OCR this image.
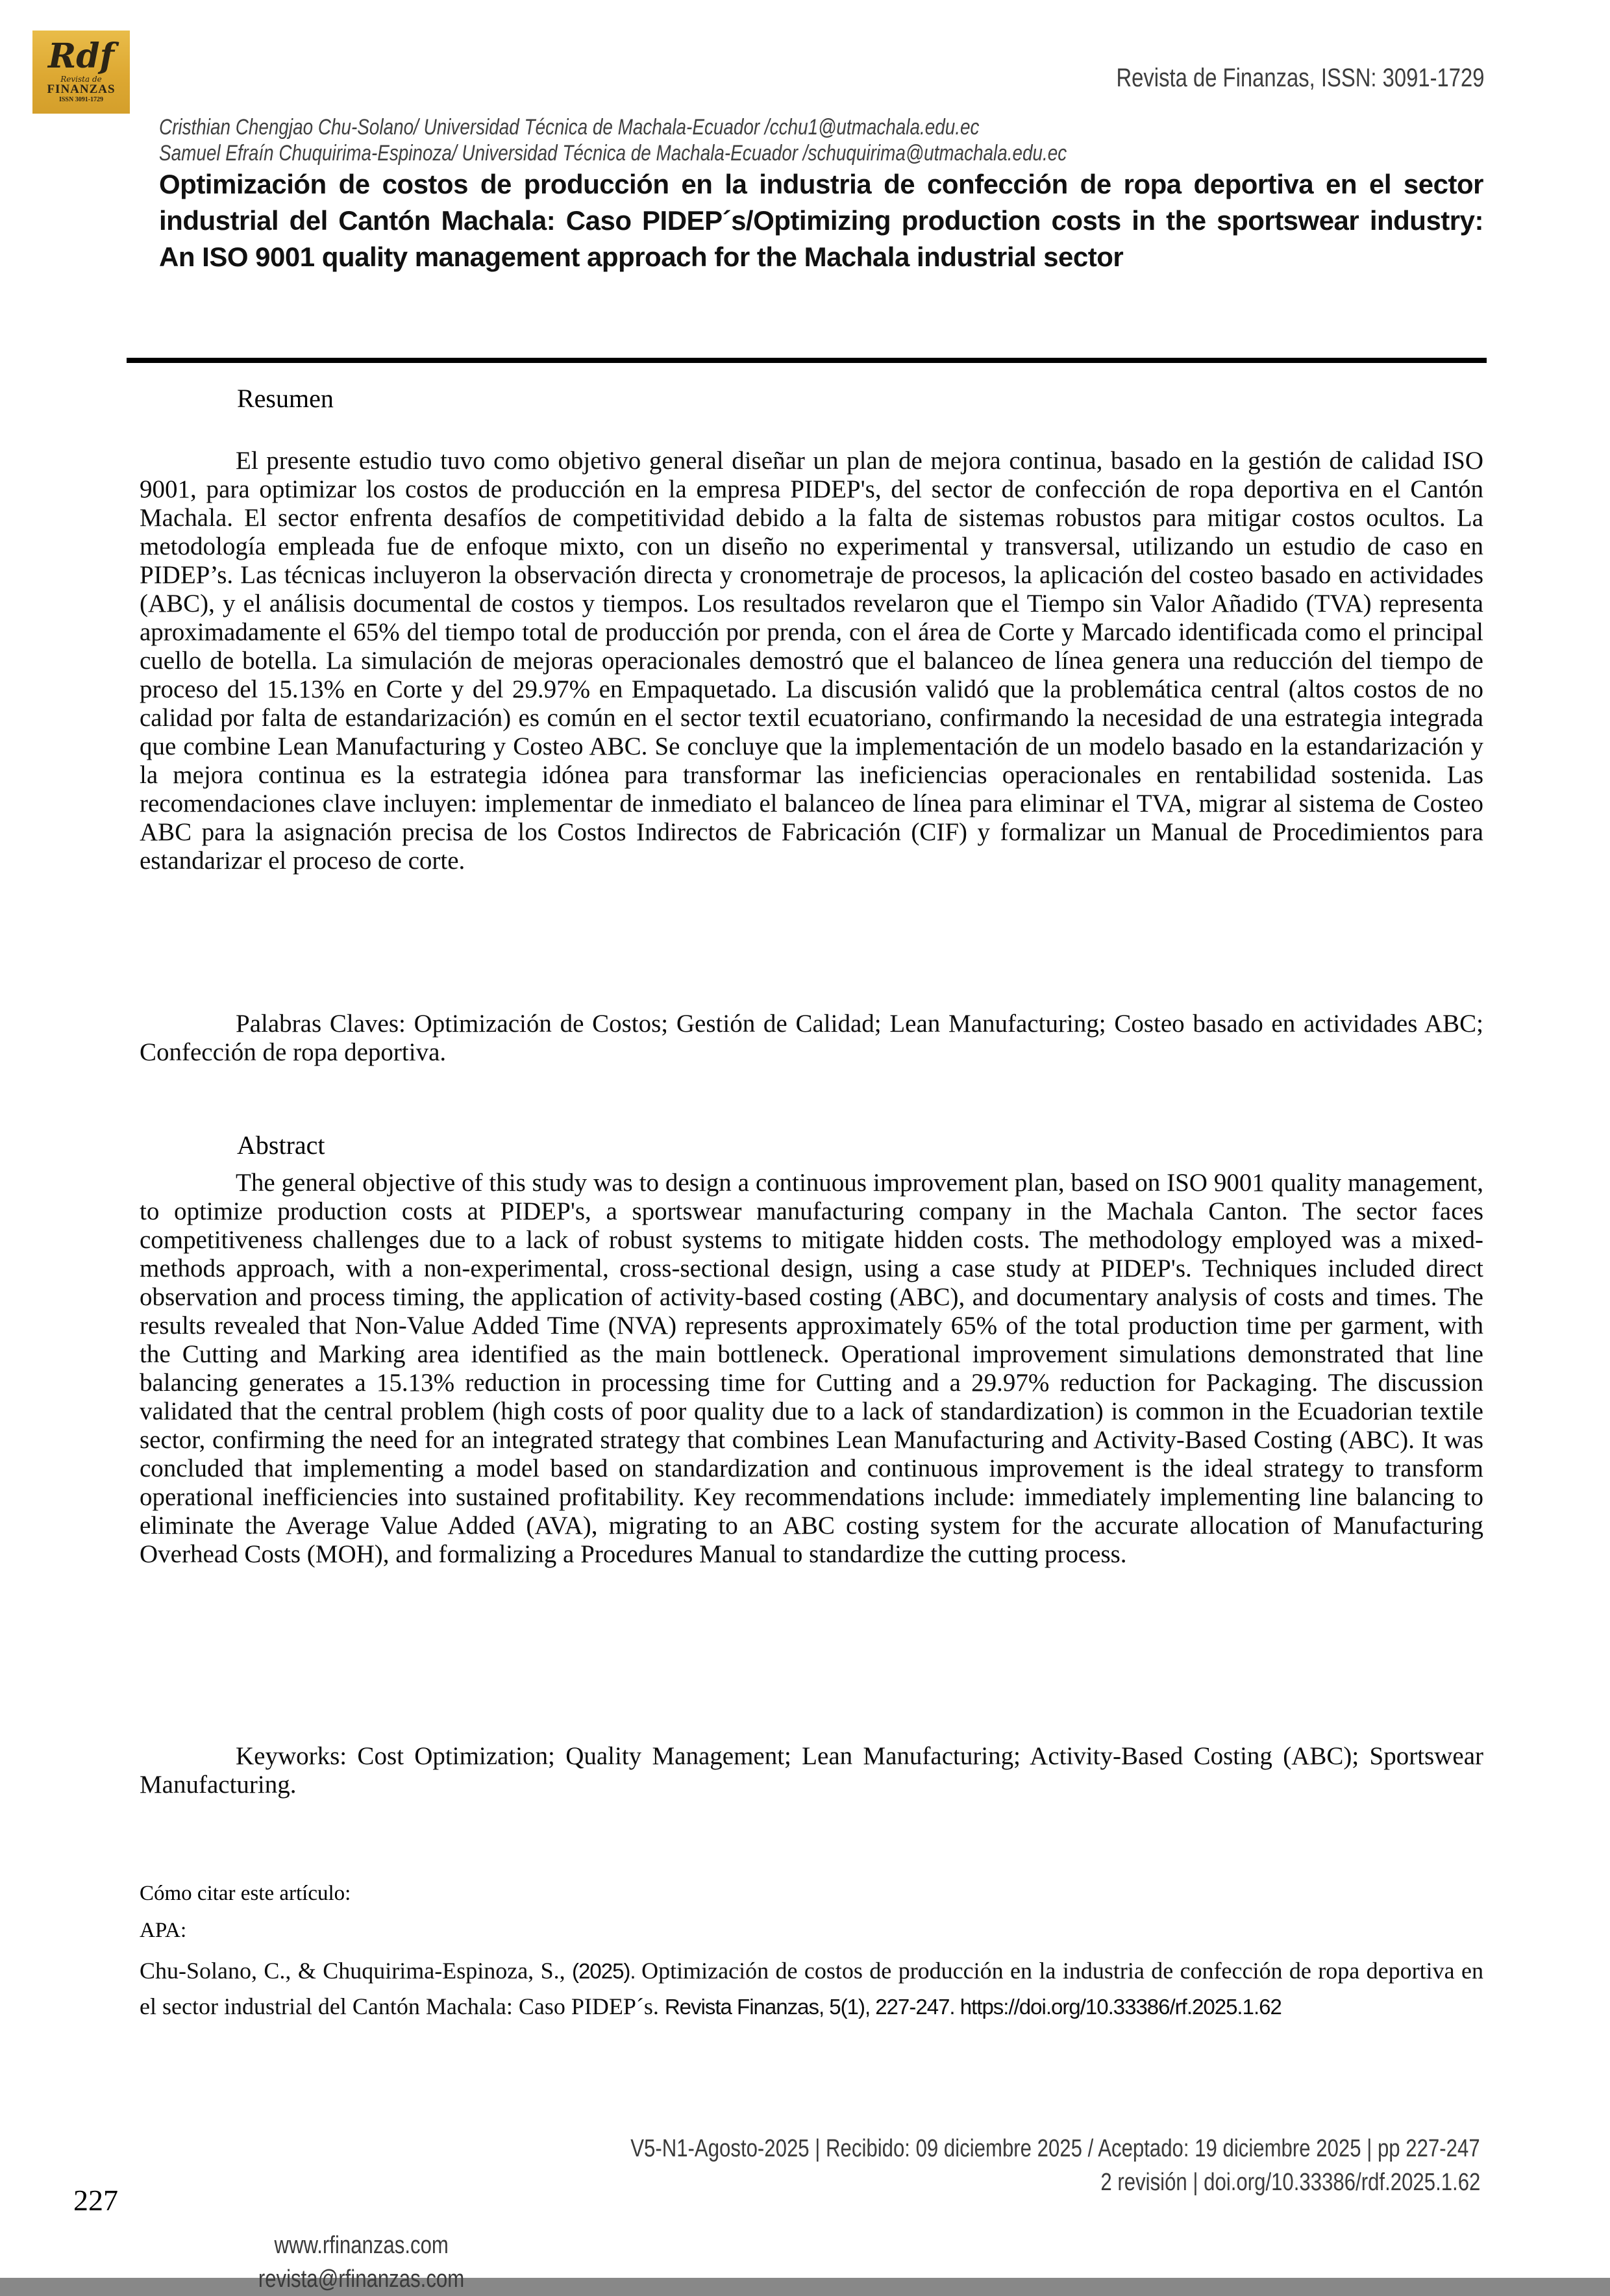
Rdf
Revista de
FINANZAS
ISSN 3091-1729
Revista de Finanzas, ISSN: 3091-1729
Cristhian Chengjao Chu-Solano/ Universidad Técnica de Machala-Ecuador /cchu1@utmachala.edu.ec
Samuel Efraín Chuquirima-Espinoza/ Universidad Técnica de Machala-Ecuador /schuquirima@utmachala.edu.ec
Optimización de costos de producción en la industria de confección de ropa deportiva en el sector industrial del Cantón Machala: Caso PIDEP´s/Optimizing production costs in the sportswear industry: An ISO 9001 quality management approach for the Machala industrial sector
Resumen
El presente estudio tuvo como objetivo general diseñar un plan de mejora continua, basado en la gestión de calidad ISO 9001, para optimizar los costos de producción en la empresa PIDEP's, del sector de confección de ropa deportiva en el Cantón Machala. El sector enfrenta desafíos de competitividad debido a la falta de sistemas robustos para mitigar costos ocultos. La metodología empleada fue de enfoque mixto, con un diseño no experimental y transversal, utilizando un estudio de caso en PIDEP’s. Las técnicas incluyeron la observación directa y cronometraje de procesos, la aplicación del costeo basado en actividades (ABC), y el análisis documental de costos y tiempos. Los resultados revelaron que el Tiempo sin Valor Añadido (TVA) representa aproximadamente el 65% del tiempo total de producción por prenda, con el área de Corte y Marcado identificada como el principal cuello de botella. La simulación de mejoras operacionales demostró que el balanceo de línea genera una reducción del tiempo de proceso del 15.13% en Corte y del 29.97% en Empaquetado. La discusión validó que la problemática central (altos costos de no calidad por falta de estandarización) es común en el sector textil ecuatoriano, confirmando la necesidad de una estrategia integrada que combine Lean Manufacturing y Costeo ABC. Se concluye que la implementación de un modelo basado en la estandarización y la mejora continua es la estrategia idónea para transformar las ineficiencias operacionales en rentabilidad sostenida. Las recomendaciones clave incluyen: implementar de inmediato el balanceo de línea para eliminar el TVA, migrar al sistema de Costeo ABC para la asignación precisa de los Costos Indirectos de Fabricación (CIF) y formalizar un Manual de Procedimientos para estandarizar el proceso de corte.
Palabras Claves: Optimización de Costos; Gestión de Calidad; Lean Manufacturing; Costeo basado en actividades ABC; Confección de ropa deportiva.
Abstract
The general objective of this study was to design a continuous improvement plan, based on ISO 9001 quality management, to optimize production costs at PIDEP's, a sportswear manufacturing company in the Machala Canton. The sector faces competitiveness challenges due to a lack of robust systems to mitigate hidden costs. The methodology employed was a mixed-methods approach, with a non-experimental, cross-sectional design, using a case study at PIDEP's. Techniques included direct observation and process timing, the application of activity-based costing (ABC), and documentary analysis of costs and times. The results revealed that Non-Value Added Time (NVA) represents approximately 65% of the total production time per garment, with the Cutting and Marking area identified as the main bottleneck. Operational improvement simulations demonstrated that line balancing generates a 15.13% reduction in processing time for Cutting and a 29.97% reduction for Packaging. The discussion validated that the central problem (high costs of poor quality due to a lack of standardization) is common in the Ecuadorian textile sector, confirming the need for an integrated strategy that combines Lean Manufacturing and Activity-Based Costing (ABC). It was concluded that implementing a model based on standardization and continuous improvement is the ideal strategy to transform operational inefficiencies into sustained profitability. Key recommendations include: immediately implementing line balancing to eliminate the Average Value Added (AVA), migrating to an ABC costing system for the accurate allocation of Manufacturing Overhead Costs (MOH), and formalizing a Procedures Manual to standardize the cutting process.
Keyworks: Cost Optimization; Quality Management; Lean Manufacturing; Activity-Based Costing (ABC); Sportswear Manufacturing.
Cómo citar este artículo:
APA:
Chu-Solano, C., & Chuquirima-Espinoza, S., (2025). Optimización de costos de producción en la industria de confección de ropa deportiva en el sector industrial del Cantón Machala: Caso PIDEP´s. Revista Finanzas, 5(1), 227-247. https://doi.org/10.33386/rf.2025.1.62
V5-N1-Agosto-2025 | Recibido: 09 diciembre 2025 / Aceptado: 19 diciembre 2025 | pp 227-247
2 revisión | doi.org/10.33386/rdf.2025.1.62
227
www.rfinanzas.com
revista@rfinanzas.com
